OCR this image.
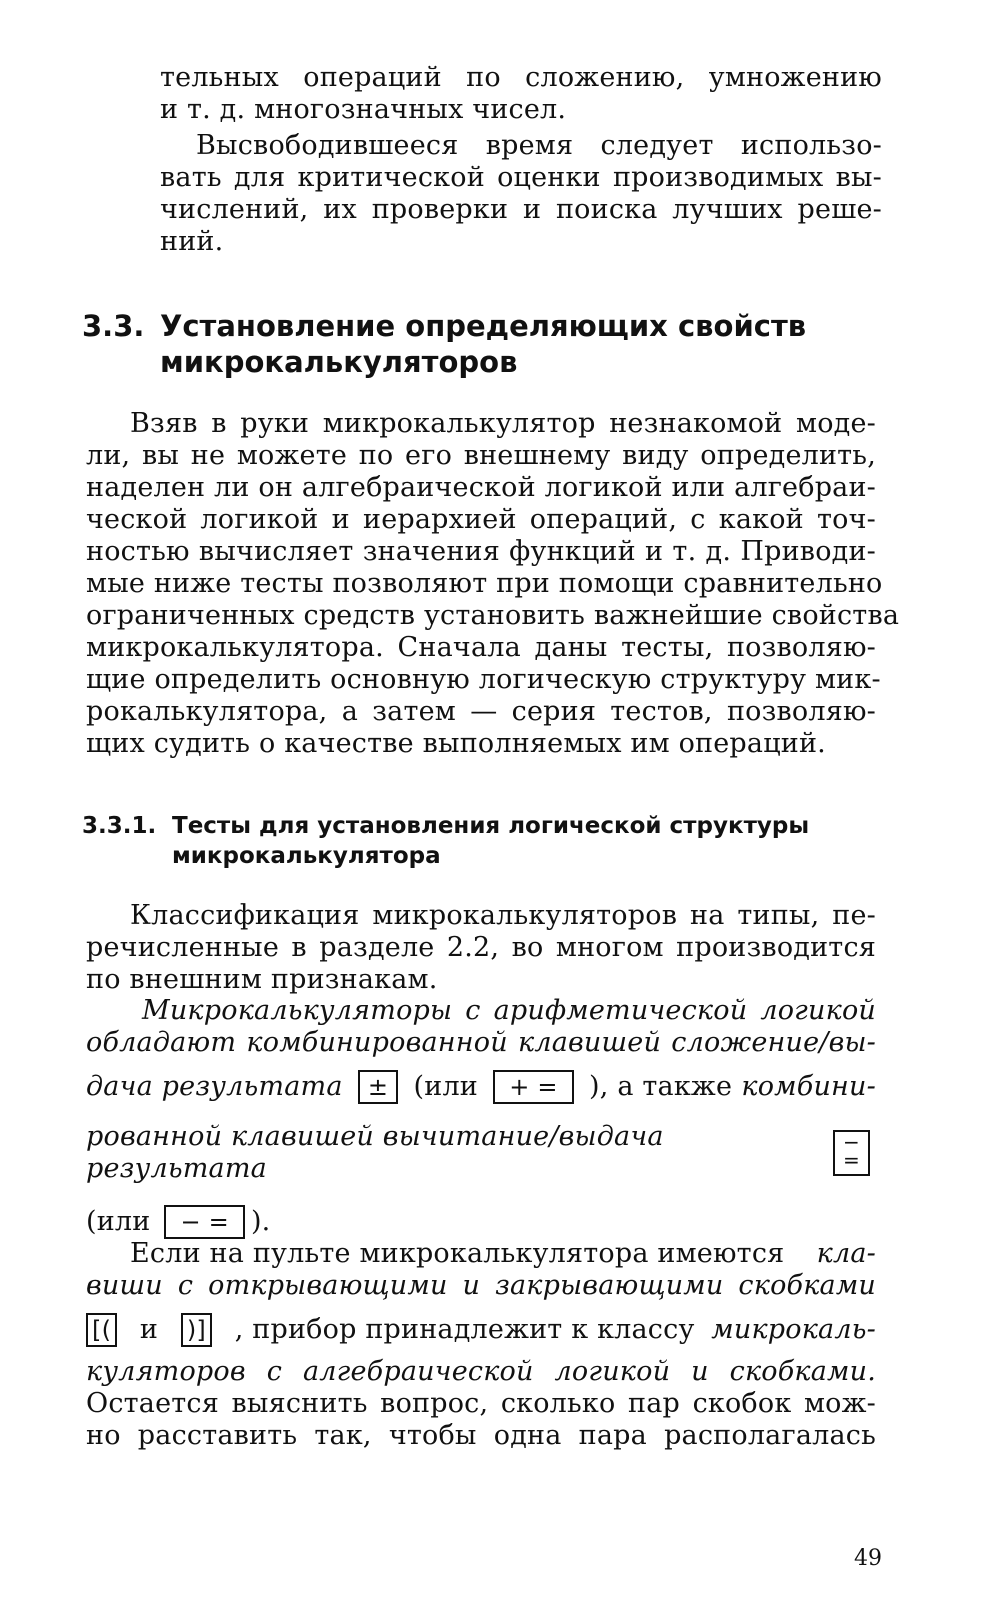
тельных операций по сложению, умножению
и т. д. многозначных чисел.
Высвободившееся время следует использо-
вать для критической оценки производимых вы-
числений, их проверки и поиска лучших реше-
ний.
3.3. Установление определяющих свойств
микрокалькуляторов
Взяв в руки микрокалькулятор незнакомой моде-
ли, вы не можете по его внешнему виду определить,
наделен ли он алгебраической логикой или алгебраи-
ческой логикой и иерархией операций, с какой точ-
ностью вычисляет значения функций и т. д. Приводи-
мые ниже тесты позволяют при помощи сравнительно
ограниченных средств установить важнейшие свойства
микрокалькулятора. Сначала даны тесты, позволяю-
щие определить основную логическую структуру мик-
рокалькулятора, а затем — серия тестов, позволяю-
щих судить о качестве выполняемых им операций.
3.3.1. Тесты для установления логической структуры
микрокалькулятора
Классификация микрокалькуляторов на типы, пе-
речисленные в разделе 2.2, во многом производится
по внешним признакам.
Микрокалькуляторы с арифметической логикой
обладают комбинированной клавишей сложение/вы-
дача результата	± (или	+ =	), а также комбини-
рованной клавишей вычитание/выдача результата
−
=
(или	− = ).
Если на пульте микрокалькулятора имеются кла-
виши с открывающими и закрывающими скобками
[( и )] , прибор принадлежит к классу микрокаль-
куляторов с алгебраической логикой и скобками.
Остается выяснить вопрос, сколько пар скобок мож-
но расставить так, чтобы одна пара располагалась
49
